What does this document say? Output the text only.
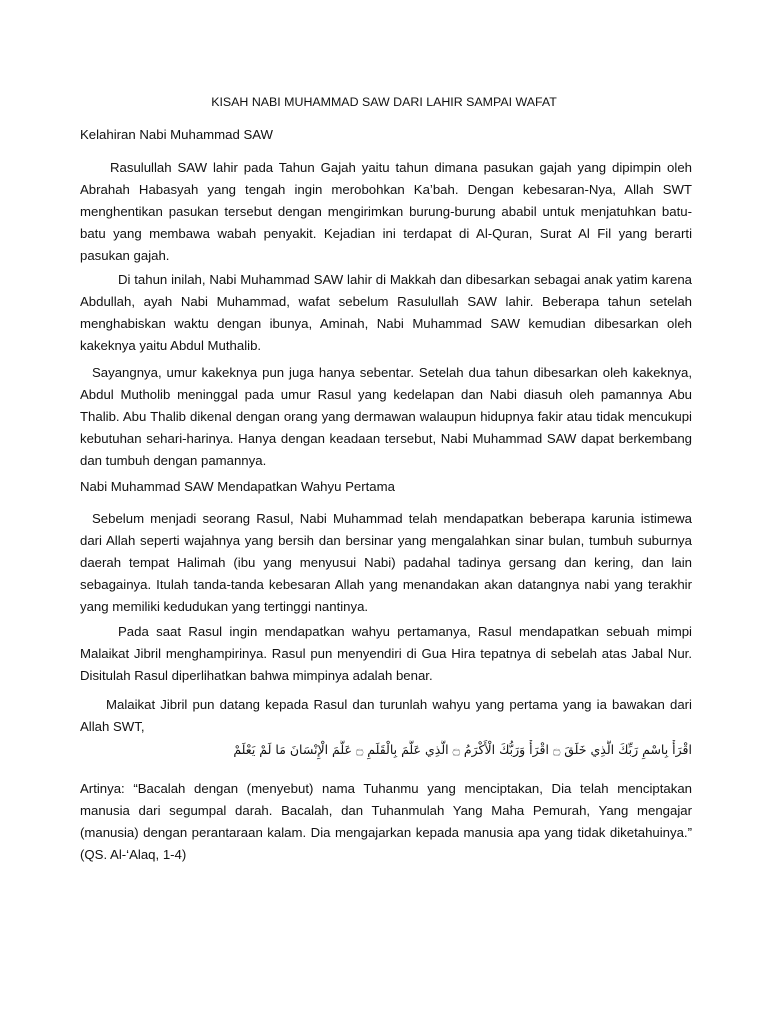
KISAH NABI MUHAMMAD SAW DARI LAHIR SAMPAI WAFAT
Kelahiran Nabi Muhammad SAW

Rasulullah SAW lahir pada Tahun Gajah yaitu tahun dimana pasukan gajah yang dipimpin oleh Abrahah Habasyah yang tengah ingin merobohkan Ka’bah. Dengan kebesaran-Nya, Allah SWT menghentikan pasukan tersebut dengan mengirimkan burung-burung ababil untuk menjatuhkan batu-batu yang membawa wabah penyakit. Kejadian ini terdapat di Al-Quran, Surat Al Fil yang berarti pasukan gajah.

Di tahun inilah, Nabi Muhammad SAW lahir di Makkah dan dibesarkan sebagai anak yatim karena Abdullah, ayah Nabi Muhammad, wafat sebelum Rasulullah SAW lahir. Beberapa tahun setelah menghabiskan waktu dengan ibunya, Aminah, Nabi Muhammad SAW kemudian dibesarkan oleh kakeknya yaitu Abdul Muthalib.

Sayangnya, umur kakeknya pun juga hanya sebentar. Setelah dua tahun dibesarkan oleh kakeknya, Abdul Mutholib meninggal pada umur Rasul yang kedelapan dan Nabi diasuh oleh pamannya Abu Thalib. Abu Thalib dikenal dengan orang yang dermawan walaupun hidupnya fakir atau tidak mencukupi kebutuhan sehari-harinya. Hanya dengan keadaan tersebut, Nabi Muhammad SAW dapat berkembang dan tumbuh dengan pamannya.

Nabi Muhammad SAW Mendapatkan Wahyu Pertama

Sebelum menjadi seorang Rasul, Nabi Muhammad telah mendapatkan beberapa karunia istimewa dari Allah seperti wajahnya yang bersih dan bersinar yang mengalahkan sinar bulan, tumbuh suburnya daerah tempat Halimah (ibu yang menyusui Nabi) padahal tadinya gersang dan kering, dan lain sebagainya. Itulah tanda-tanda kebesaran Allah yang menandakan akan datangnya nabi yang terakhir yang memiliki kedudukan yang tertinggi nantinya.

Pada saat Rasul ingin mendapatkan wahyu pertamanya, Rasul mendapatkan sebuah mimpi Malaikat Jibril menghampirinya. Rasul pun menyendiri di Gua Hira tepatnya di sebelah atas Jabal Nur. Disitulah Rasul diperlihatkan bahwa mimpinya adalah benar.

Malaikat Jibril pun datang kepada Rasul dan turunlah wahyu yang pertama yang ia bawakan dari Allah SWT,

اقْرَأْ بِاسْمِ رَبِّكَ الَّذِي خَلَقَ ۝ اقْرَأْ وَرَبُّكَ الْأَكْرَمُ ۝ الَّذِي عَلَّمَ بِالْقَلَمِ ۝ عَلَّمَ الْإِنْسَانَ مَا لَمْ يَعْلَمْ

Artinya: “Bacalah dengan (menyebut) nama Tuhanmu yang menciptakan, Dia telah menciptakan manusia dari segumpal darah. Bacalah, dan Tuhanmulah Yang Maha Pemurah, Yang mengajar (manusia) dengan perantaraan kalam. Dia mengajarkan kepada manusia apa yang tidak diketahuinya.” (QS. Al-‘Alaq, 1-4)
